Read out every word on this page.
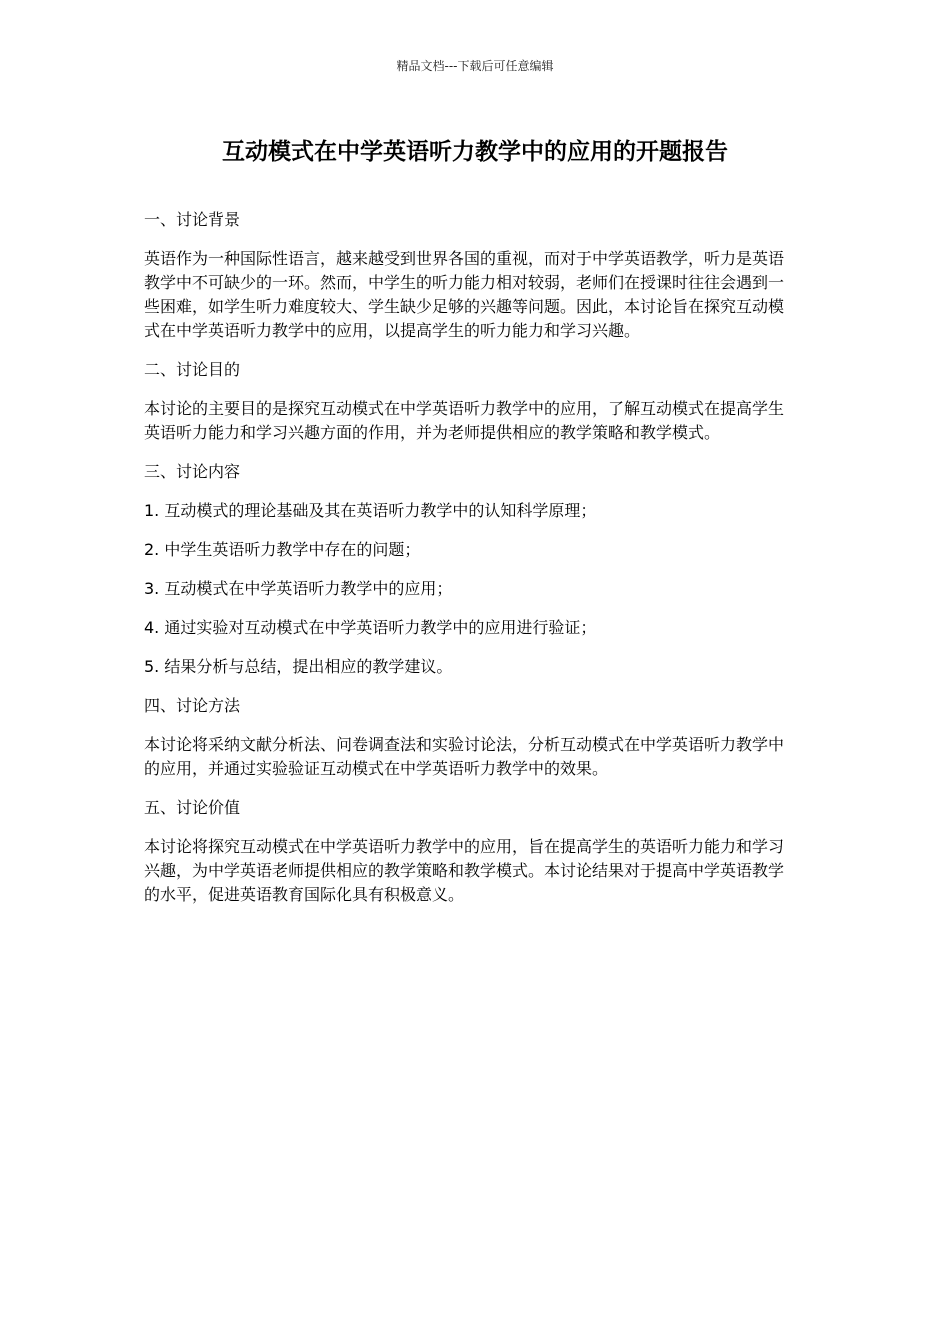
精品文档---下载后可任意编辑
互动模式在中学英语听力教学中的应用的开题报告

一、讨论背景

英语作为一种国际性语言，越来越受到世界各国的重视，而对于中学英语教学，听力是英语教学中不可缺少的一环。然而，中学生的听力能力相对较弱，老师们在授课时往往会遇到一些困难，如学生听力难度较大、学生缺少足够的兴趣等问题。因此，本讨论旨在探究互动模式在中学英语听力教学中的应用，以提高学生的听力能力和学习兴趣。

二、讨论目的

本讨论的主要目的是探究互动模式在中学英语听力教学中的应用，了解互动模式在提高学生英语听力能力和学习兴趣方面的作用，并为老师提供相应的教学策略和教学模式。

三、讨论内容

1. 互动模式的理论基础及其在英语听力教学中的认知科学原理；

2. 中学生英语听力教学中存在的问题；

3. 互动模式在中学英语听力教学中的应用；

4. 通过实验对互动模式在中学英语听力教学中的应用进行验证；

5. 结果分析与总结，提出相应的教学建议。

四、讨论方法

本讨论将采纳文献分析法、问卷调查法和实验讨论法，分析互动模式在中学英语听力教学中的应用，并通过实验验证互动模式在中学英语听力教学中的效果。

五、讨论价值

本讨论将探究互动模式在中学英语听力教学中的应用，旨在提高学生的英语听力能力和学习兴趣，为中学英语老师提供相应的教学策略和教学模式。本讨论结果对于提高中学英语教学的水平，促进英语教育国际化具有积极意义。
